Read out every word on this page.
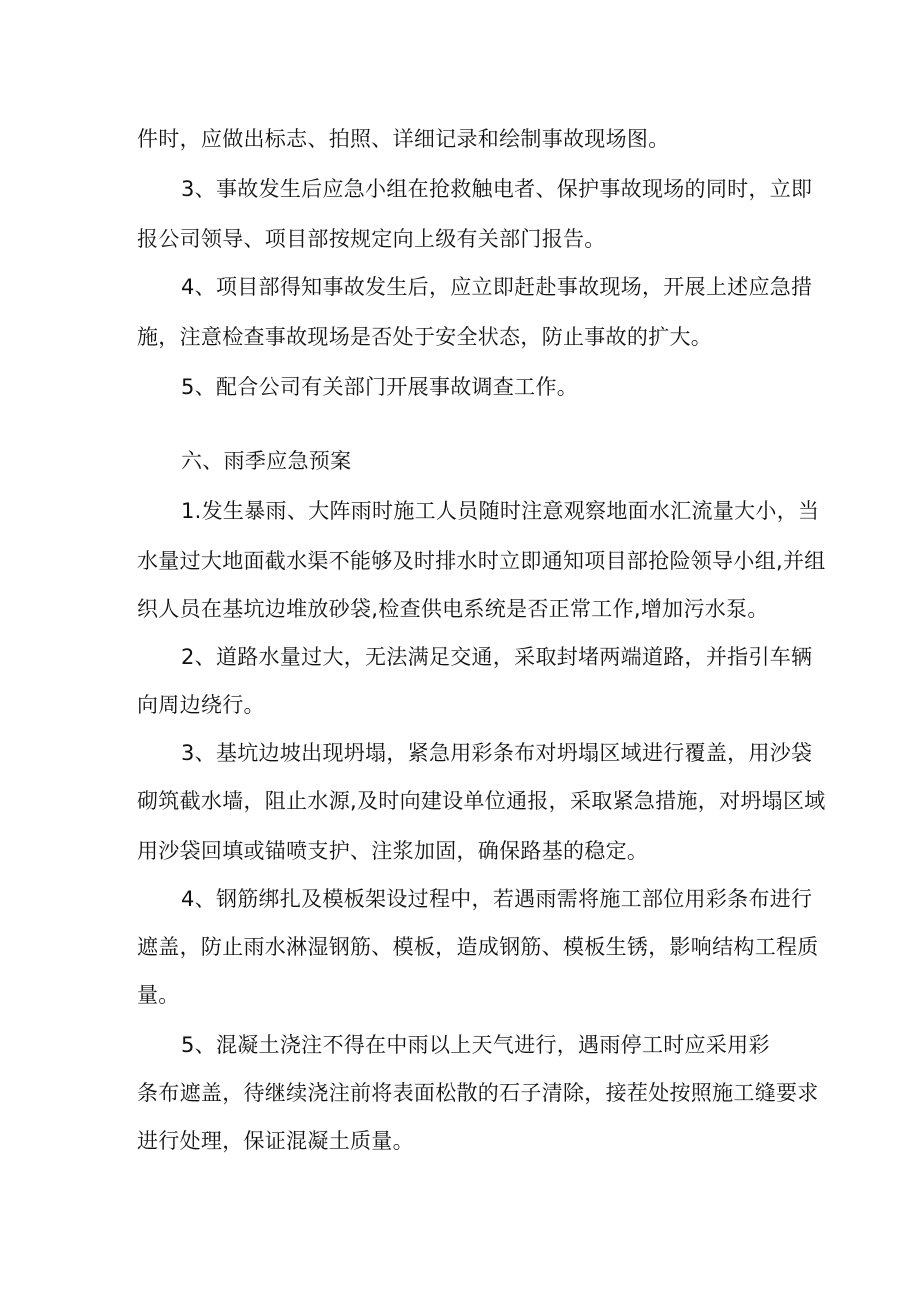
件时，应做出标志、拍照、详细记录和绘制事故现场图。
3、事故发生后应急小组在抢救触电者、保护事故现场的同时，立即
报公司领导、项目部按规定向上级有关部门报告。
4、项目部得知事故发生后，应立即赶赴事故现场，开展上述应急措
施，注意检查事故现场是否处于安全状态，防止事故的扩大。
5、配合公司有关部门开展事故调查工作。
六、雨季应急预案
1.发生暴雨、大阵雨时施工人员随时注意观察地面水汇流量大小，当
水量过大地面截水渠不能够及时排水时立即通知项目部抢险领导小组,并组
织人员在基坑边堆放砂袋,检查供电系统是否正常工作,增加污水泵。
2、道路水量过大，无法满足交通，采取封堵两端道路，并指引车辆
向周边绕行。
3、基坑边坡出现坍塌，紧急用彩条布对坍塌区域进行覆盖，用沙袋
砌筑截水墙，阻止水源,及时向建设单位通报，采取紧急措施，对坍塌区域
用沙袋回填或锚喷支护、注浆加固，确保路基的稳定。
4、钢筋绑扎及模板架设过程中，若遇雨需将施工部位用彩条布进行
遮盖，防止雨水淋湿钢筋、模板，造成钢筋、模板生锈，影响结构工程质
量。
5、混凝土浇注不得在中雨以上天气进行，遇雨停工时应采用彩
条布遮盖，待继续浇注前将表面松散的石子清除，接茬处按照施工缝要求
进行处理，保证混凝土质量。
